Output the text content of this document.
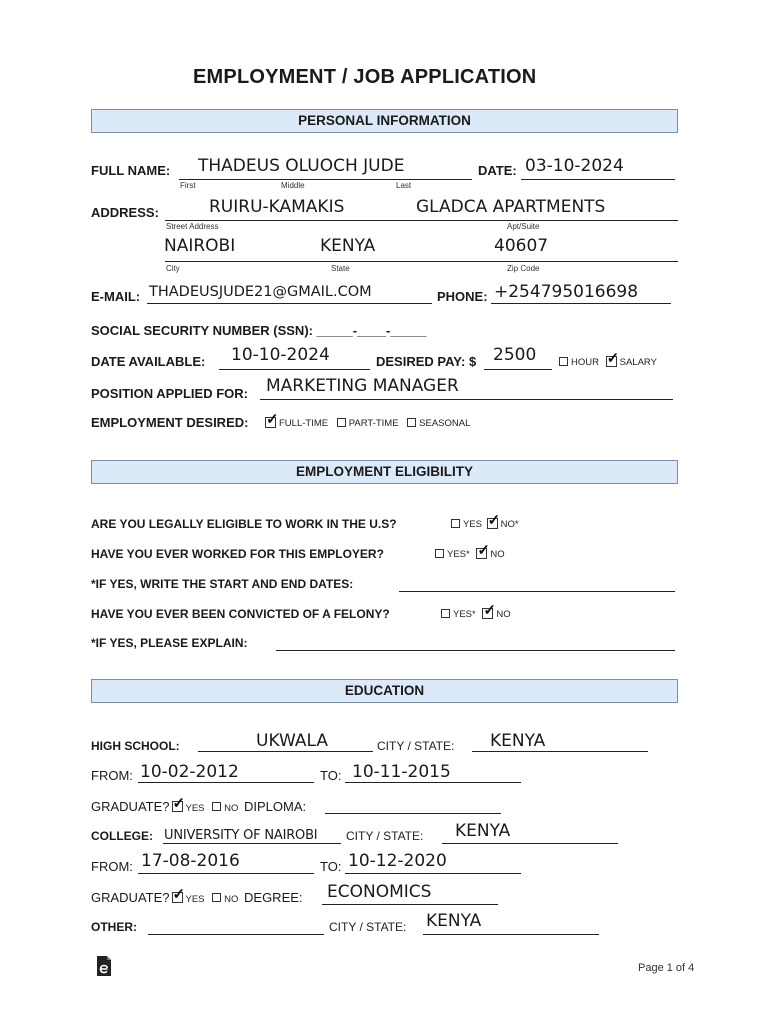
EMPLOYMENT / JOB APPLICATION
PERSONAL INFORMATION
FULL NAME: THADEUS OLUOCH JUDE
First	Middle	Last
DATE: 03-10-2024
ADDRESS:	RUIRU-KAMAKIS	GLADCA APARTMENTS
Street Address	Apt/Suite
NAIROBI	KENYA	40607
City	State	Zip Code
E-MAIL: THADEUSJUDE21@GMAIL.COM	PHONE: +254795016698
SOCIAL SECURITY NUMBER (SSN): _____-____-_____
DATE AVAILABLE: 10-10-2024	DESIRED PAY: $ 2500	HOUR ✓ SALARY
POSITION APPLIED FOR: MARKETING MANAGER
EMPLOYMENT DESIRED: ✓ FULL-TIME PART-TIME SEASONAL
EMPLOYMENT ELIGIBILITY
ARE YOU LEGALLY ELIGIBLE TO WORK IN THE U.S?	YES ✓ NO*
HAVE YOU EVER WORKED FOR THIS EMPLOYER?	YES* ✓ NO
*IF YES, WRITE THE START AND END DATES:
HAVE YOU EVER BEEN CONVICTED OF A FELONY?	YES* ✓ NO
*IF YES, PLEASE EXPLAIN:
EDUCATION
HIGH SCHOOL:	UKWALA	CITY / STATE: KENYA
FROM: 10-02-2012	TO: 10-11-2015
GRADUATE? ✓ YES NO DIPLOMA:
COLLEGE: UNIVERSITY OF NAIROBI CITY / STATE: KENYA
FROM: 17-08-2016	TO: 10-12-2020
GRADUATE? ✓ YES NO DEGREE: ECONOMICS
OTHER:	CITY / STATE: KENYA
Page 1 of 4
